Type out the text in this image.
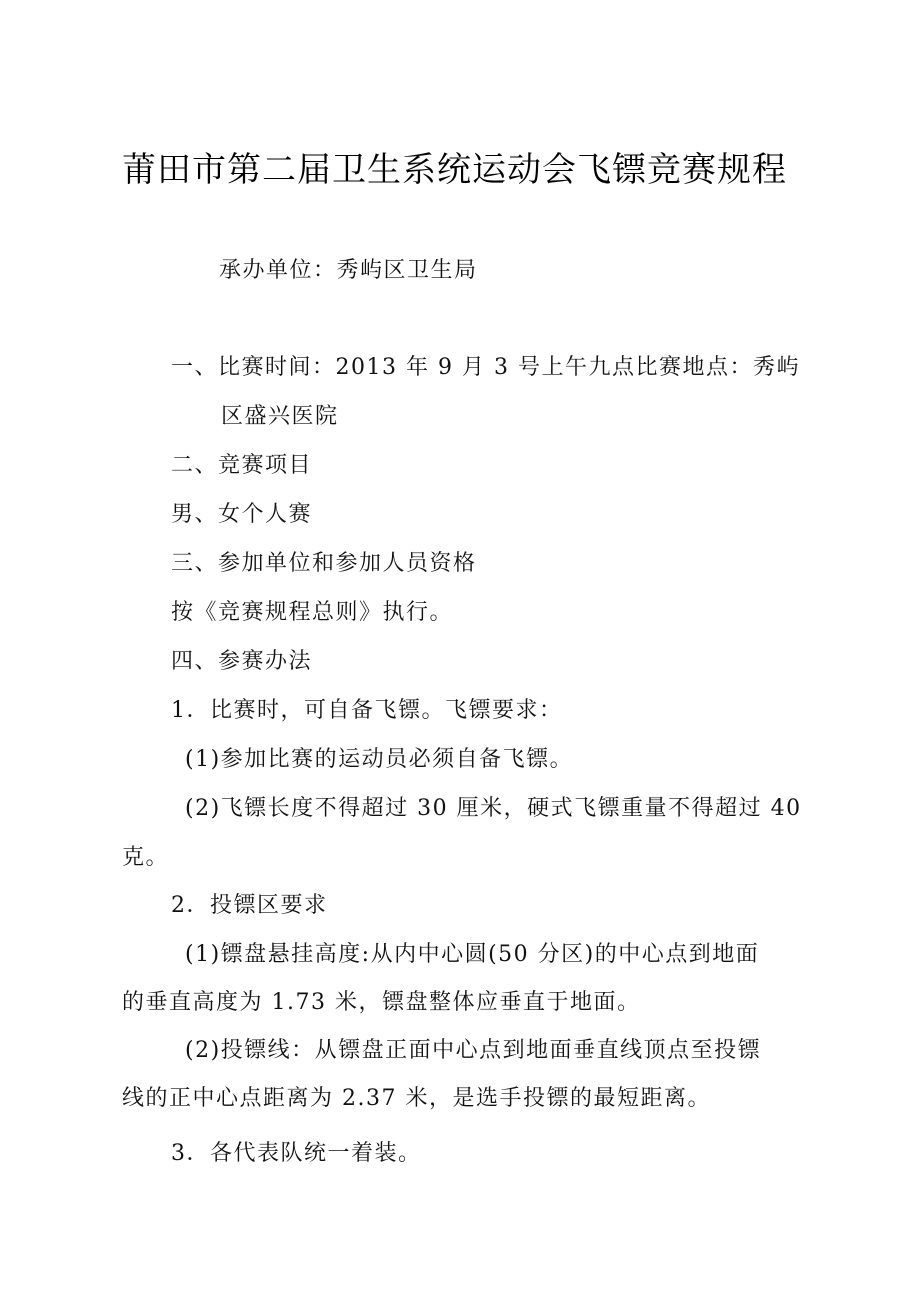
莆田市第二届卫生系统运动会飞镖竞赛规程
承办单位：秀屿区卫生局
一、比赛时间：2013 年 9 月 3 号上午九点比赛地点：秀屿
区盛兴医院
二、竞赛项目
男、女个人赛
三、参加单位和参加人员资格
按《竞赛规程总则》执行。
四、参赛办法
1．比赛时，可自备飞镖。飞镖要求：
(1)参加比赛的运动员必须自备飞镖。
(2)飞镖长度不得超过 30 厘米，硬式飞镖重量不得超过 40
克。
2．投镖区要求
(1)镖盘悬挂高度:从内中心圆(50 分区)的中心点到地面
的垂直高度为 1.73 米，镖盘整体应垂直于地面。
(2)投镖线：从镖盘正面中心点到地面垂直线顶点至投镖
线的正中心点距离为 2.37 米，是选手投镖的最短距离。
3．各代表队统一着装。
